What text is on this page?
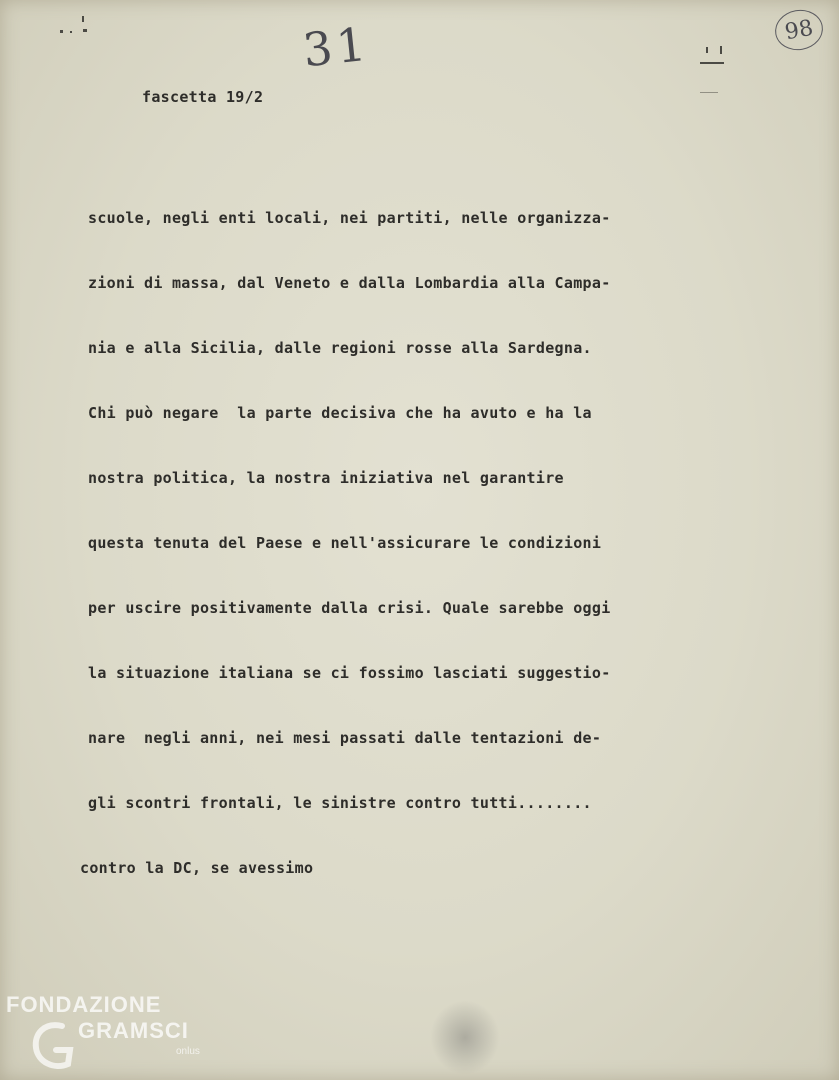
31	98
fascetta 19/2

scuole, negli enti locali, nei partiti, nelle organizza-

zioni di massa, dal Veneto e dalla Lombardia alla Campa-

nia e alla Sicilia, dalle regioni rosse alla Sardegna.

Chi può negare  la parte decisiva che ha avuto e ha la

nostra politica, la nostra iniziativa nel garantire

questa tenuta del Paese e nell'assicurare le condizioni

per uscire positivamente dalla crisi. Quale sarebbe oggi

la situazione italiana se ci fossimo lasciati suggestio-

nare  negli anni, nei mesi passati dalle tentazioni de-

gli scontri frontali, le sinistre contro tutti........

contro la DC, se avessimo

FONDAZIONE
GRAMSCI
onlus
